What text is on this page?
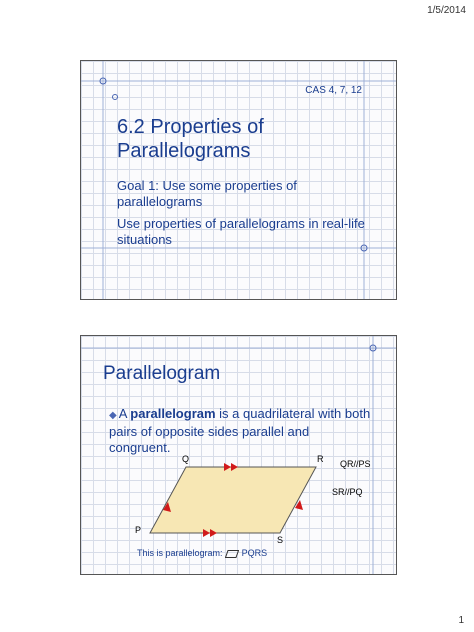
1/5/2014
CAS 4, 7, 12
6.2 Properties of
Parallelograms

Goal 1: Use some properties of parallelograms

Use properties of parallelograms in real-life situations

Parallelogram
◆ A parallelogram is a quadrilateral with both pairs of opposite sides parallel and congruent.
Q	R
P
S
QR//PS
SR//PQ
This is parallelogram: PQRS
1
